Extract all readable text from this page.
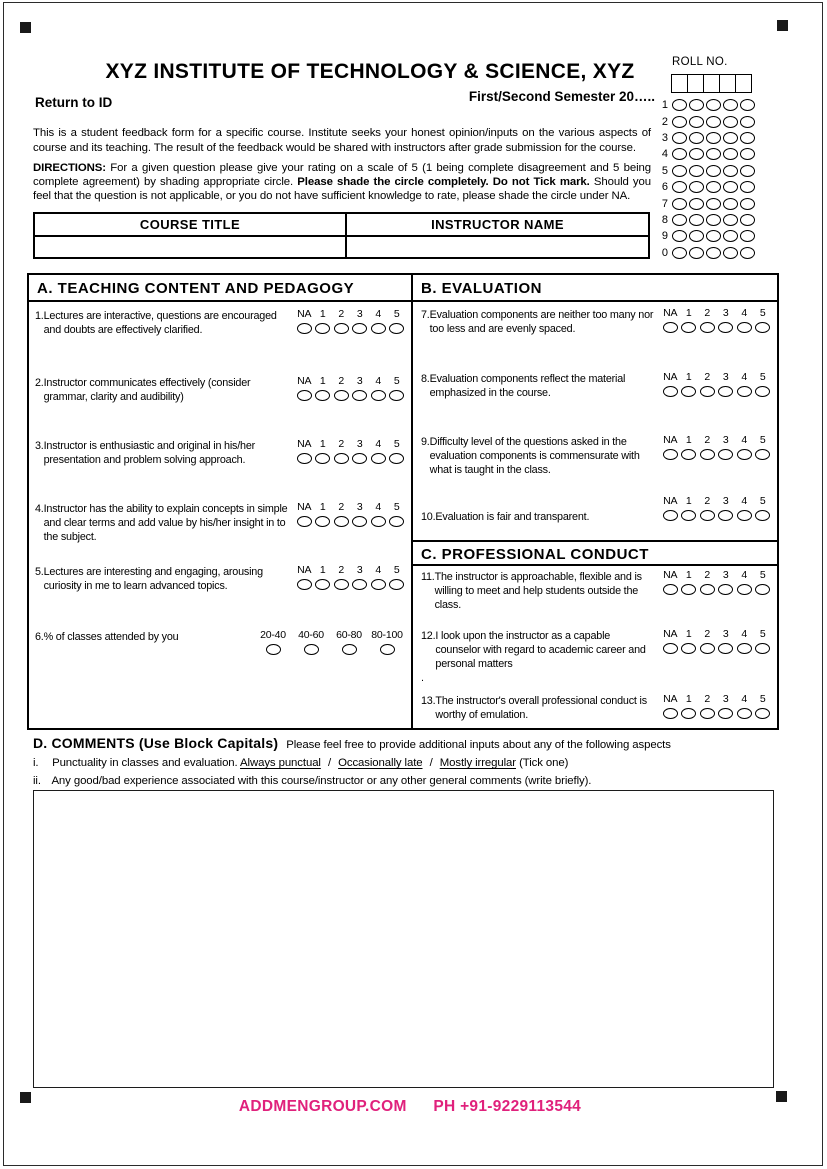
XYZ INSTITUTE OF TECHNOLOGY & SCIENCE, XYZ
Return to ID	First/Second Semester 20…..
This is a student feedback form for a specific course. Institute seeks your honest opinion/inputs on the various aspects of course and its teaching. The result of the feedback would be shared with instructors after grade submission for the course.
DIRECTIONS: For a given question please give your rating on a scale of 5 (1 being complete disagreement and 5 being complete agreement) by shading appropriate circle. Please shade the circle completely. Do not Tick mark. Should you feel that the question is not applicable, or you do not have sufficient knowledge to rate, please shade the circle under NA.
COURSE TITLE	INSTRUCTOR NAME
ROLL NO.
1
2
3
4
5
6
7
8
9
0
A. TEACHING CONTENT AND PEDAGOGY
1. Lectures are interactive, questions are encouraged and doubts are effectively clarified.
NA 1 2 3 4 5
2. Instructor communicates effectively (consider grammar, clarity and audibility)
NA 1 2 3 4 5
3. Instructor is enthusiastic and original in his/her presentation and problem solving approach.
NA 1 2 3 4 5
4. Instructor has the ability to explain concepts in simple and clear terms and add value by his/her insight in to the subject.
NA 1 2 3 4 5
5. Lectures are interesting and engaging, arousing curiosity in me to learn advanced topics.
NA 1 2 3 4 5
6. % of classes attended by you	20-40 40-60 60-80 80-100
B. EVALUATION
7. Evaluation components are neither too many nor too less and are evenly spaced.
NA 1 2 3 4 5
8. Evaluation components reflect the material emphasized in the course.
NA 1 2 3 4 5
9. Difficulty level of the questions asked in the evaluation components is commensurate with what is taught in the class.
NA 1 2 3 4 5
10. Evaluation is fair and transparent.
NA 1 2 3 4 5
C. PROFESSIONAL CONDUCT
11. The instructor is approachable, flexible and is willing to meet and help students outside the class.
NA 1 2 3 4 5
12. I look upon the instructor as a capable counselor with regard to academic career and personal matters
NA 1 2 3 4 5
.
13. The instructor's overall professional conduct is worthy of emulation.
NA 1 2 3 4 5
D. COMMENTS (Use Block Capitals) Please feel free to provide additional inputs about any of the following aspects
i. Punctuality in classes and evaluation. Always punctual / Occasionally late / Mostly irregular (Tick one)
ii. Any good/bad experience associated with this course/instructor or any other general comments (write briefly).
ADDMENGROUP.COM PH +91-9229113544
